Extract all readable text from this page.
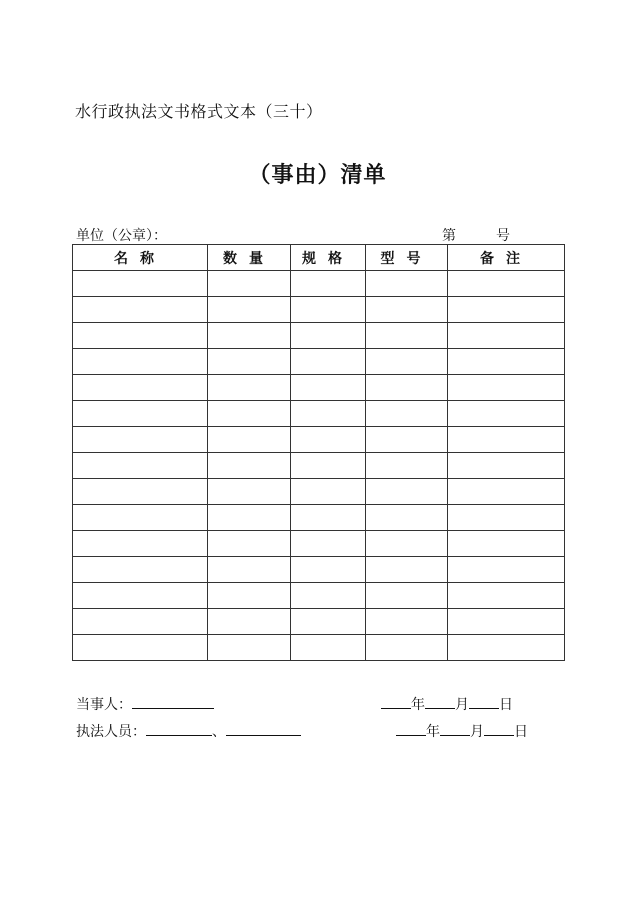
水行政执法文书格式文本（三十）
（事由）清单
单位（公章）：	第	号
名称	数量	规格	型号	备注

当事人：	年 月 日
执法人员：	、	年 月 日
